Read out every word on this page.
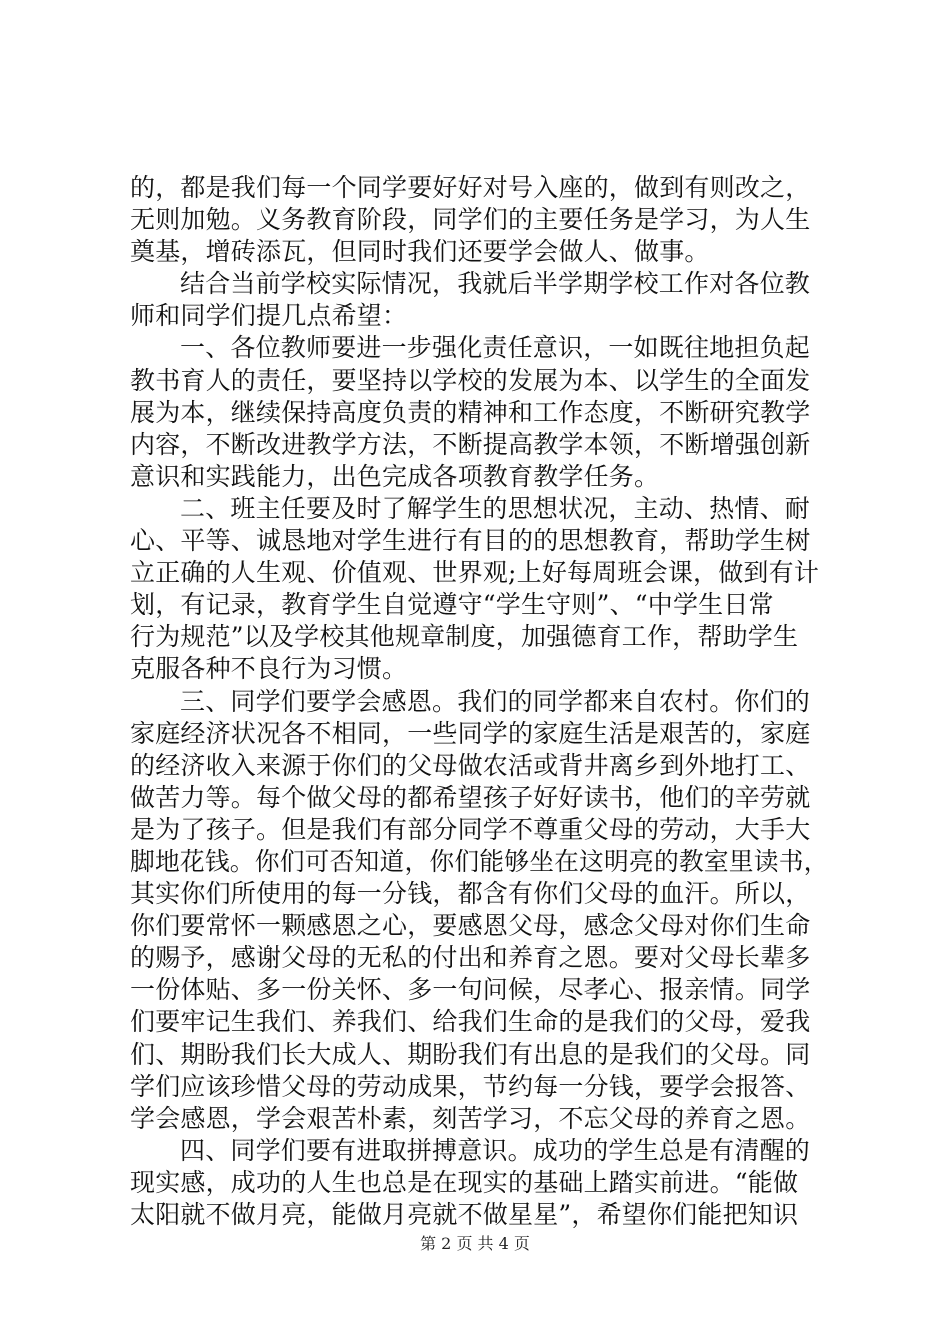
的，都是我们每一个同学要好好对号入座的，做到有则改之，
无则加勉。义务教育阶段，同学们的主要任务是学习，为人生
奠基，增砖添瓦，但同时我们还要学会做人、做事。
结合当前学校实际情况，我就后半学期学校工作对各位教
师和同学们提几点希望：
一、各位教师要进一步强化责任意识，一如既往地担负起
教书育人的责任，要坚持以学校的发展为本、以学生的全面发
展为本，继续保持高度负责的精神和工作态度，不断研究教学
内容，不断改进教学方法，不断提高教学本领，不断增强创新
意识和实践能力，出色完成各项教育教学任务。
二、班主任要及时了解学生的思想状况，主动、热情、耐
心、平等、诚恳地对学生进行有目的的思想教育，帮助学生树
立正确的人生观、价值观、世界观;上好每周班会课，做到有计
划，有记录，教育学生自觉遵守“学生守则”、“中学生日常
行为规范”以及学校其他规章制度，加强德育工作，帮助学生
克服各种不良行为习惯。
三、同学们要学会感恩。我们的同学都来自农村。你们的
家庭经济状况各不相同，一些同学的家庭生活是艰苦的，家庭
的经济收入来源于你们的父母做农活或背井离乡到外地打工、
做苦力等。每个做父母的都希望孩子好好读书，他们的辛劳就
是为了孩子。但是我们有部分同学不尊重父母的劳动，大手大
脚地花钱。你们可否知道，你们能够坐在这明亮的教室里读书，
其实你们所使用的每一分钱，都含有你们父母的血汗。所以，
你们要常怀一颗感恩之心，要感恩父母，感念父母对你们生命
的赐予，感谢父母的无私的付出和养育之恩。要对父母长辈多
一份体贴、多一份关怀、多一句问候，尽孝心、报亲情。同学
们要牢记生我们、养我们、给我们生命的是我们的父母，爱我
们、期盼我们长大成人、期盼我们有出息的是我们的父母。同
学们应该珍惜父母的劳动成果，节约每一分钱，要学会报答、
学会感恩，学会艰苦朴素，刻苦学习，不忘父母的养育之恩。
四、同学们要有进取拼搏意识。成功的学生总是有清醒的
现实感，成功的人生也总是在现实的基础上踏实前进。“能做
太阳就不做月亮，能做月亮就不做星星”，希望你们能把知识
第 2 页 共 4 页
